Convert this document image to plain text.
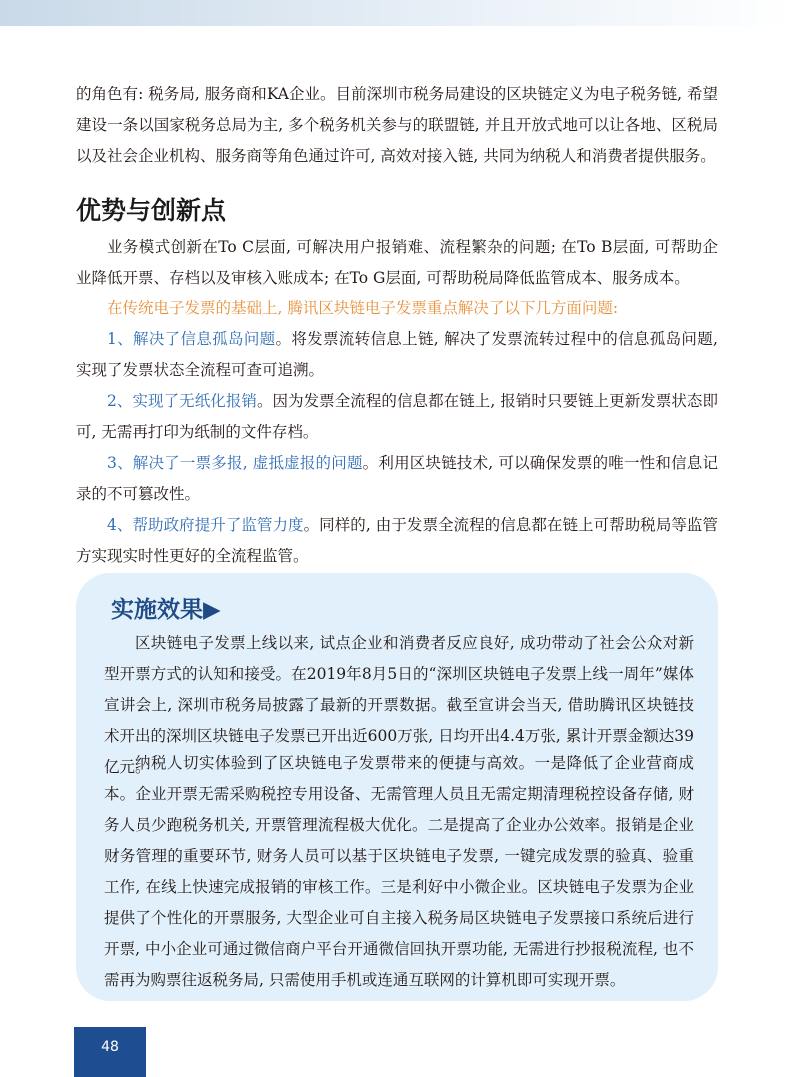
的角色有: 税务局, 服务商和KA企业。目前深圳市税务局建设的区块链定义为电子税务链, 希望建设一条以国家税务总局为主, 多个税务机关参与的联盟链, 并且开放式地可以让各地、区税局以及社会企业机构、服务商等角色通过许可, 高效对接入链, 共同为纳税人和消费者提供服务。

优势与创新点

业务模式创新在To C层面, 可解决用户报销难、流程繁杂的问题; 在To B层面, 可帮助企业降低开票、存档以及审核入账成本; 在To G层面, 可帮助税局降低监管成本、服务成本。

在传统电子发票的基础上, 腾讯区块链电子发票重点解决了以下几方面问题:

1、解决了信息孤岛问题。将发票流转信息上链, 解决了发票流转过程中的信息孤岛问题, 实现了发票状态全流程可查可追溯。

2、实现了无纸化报销。因为发票全流程的信息都在链上, 报销时只要链上更新发票状态即可, 无需再打印为纸制的文件存档。

3、解决了一票多报, 虚抵虚报的问题。利用区块链技术, 可以确保发票的唯一性和信息记录的不可篡改性。

4、帮助政府提升了监管力度。同样的, 由于发票全流程的信息都在链上可帮助税局等监管方实现实时性更好的全流程监管。

实施效果▶

区块链电子发票上线以来, 试点企业和消费者反应良好, 成功带动了社会公众对新型开票方式的认知和接受。在2019年8月5日的“深圳区块链电子发票上线一周年”媒体宣讲会上, 深圳市税务局披露了最新的开票数据。截至宣讲会当天, 借助腾讯区块链技术开出的深圳区块链电子发票已开出近600万张, 日均开出4.4万张, 累计开票金额达39亿元。

纳税人切实体验到了区块链电子发票带来的便捷与高效。一是降低了企业营商成本。企业开票无需采购税控专用设备、无需管理人员且无需定期清理税控设备存储, 财务人员少跑税务机关, 开票管理流程极大优化。二是提高了企业办公效率。报销是企业财务管理的重要环节, 财务人员可以基于区块链电子发票, 一键完成发票的验真、验重工作, 在线上快速完成报销的审核工作。三是利好中小微企业。区块链电子发票为企业提供了个性化的开票服务, 大型企业可自主接入税务局区块链电子发票接口系统后进行开票, 中小企业可通过微信商户平台开通微信回执开票功能, 无需进行抄报税流程, 也不需再为购票往返税务局, 只需使用手机或连通互联网的计算机即可实现开票。

48
